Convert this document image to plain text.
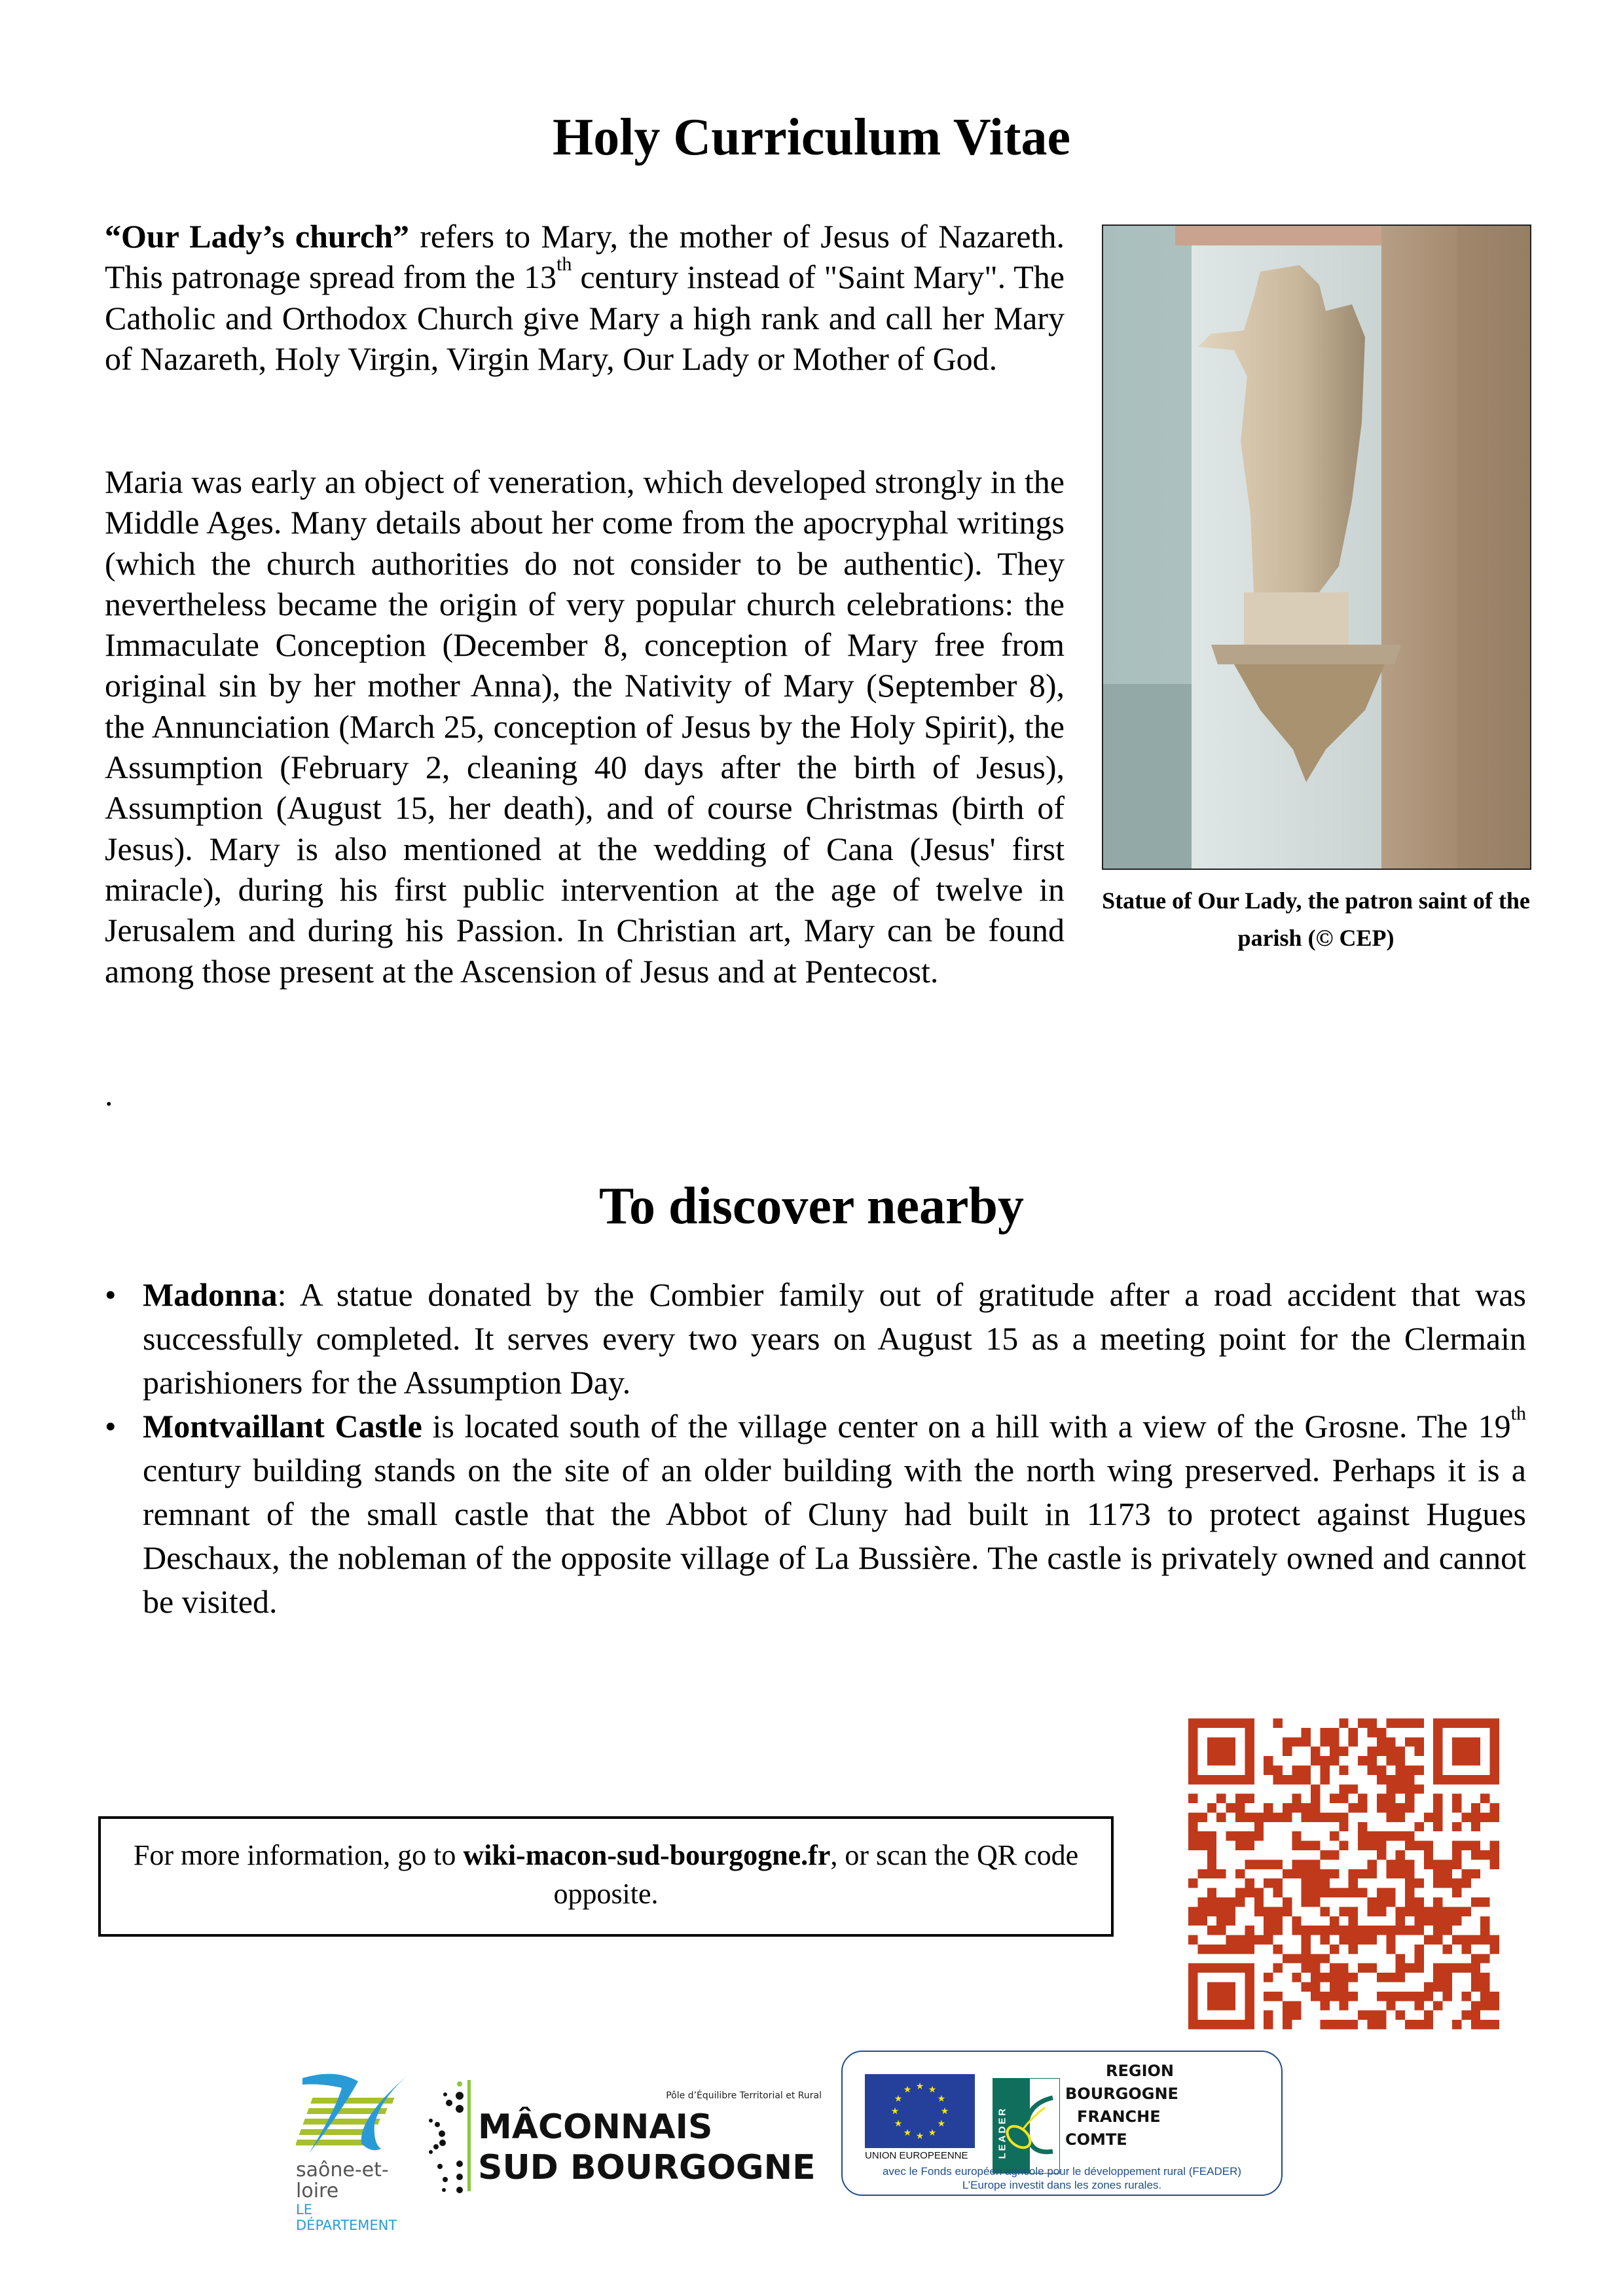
Holy Curriculum Vitae

“Our Lady’s church” refers to Mary, the mother of Jesus of Nazareth. This patronage spread from the 13th century instead of "Saint Mary". The Catholic and Orthodox Church give Mary a high rank and call her Mary of Nazareth, Holy Virgin, Virgin Mary, Our Lady or Mother of God.

Maria was early an object of veneration, which developed strongly in the Middle Ages. Many details about her come from the apocryphal writings (which the church authorities do not consider to be authentic). They nevertheless became the origin of very popular church celebrations: the Immaculate Conception (December 8, conception of Mary free from original sin by her mother Anna), the Nativity of Mary (September 8), the Annunciation (March 25, conception of Jesus by the Holy Spirit), the Assumption (February 2, cleaning 40 days after the birth of Jesus), Assumption (August 15, her death), and of course Christmas (birth of Jesus). Mary is also mentioned at the wedding of Cana (Jesus' first miracle), during his first public intervention at the age of twelve in Jerusalem and during his Passion. In Christian art, Mary can be found among those present at the Ascension of Jesus and at Pentecost.

.

Statue of Our Lady, the patron saint of the parish (© CEP)
To discover nearby
• Madonna: A statue donated by the Combier family out of gratitude after a road accident that was successfully completed. It serves every two years on August 15 as a meeting point for the Clermain parishioners for the Assumption Day.
• Montvaillant Castle is located south of the village center on a hill with a view of the Grosne. The 19th century building stands on the site of an older building with the north wing preserved. Perhaps it is a remnant of the small castle that the Abbot of Cluny had built in 1173 to protect against Hugues Deschaux, the nobleman of the opposite village of La Bussière. The castle is privately owned and cannot be visited.
For more information, go to wiki-macon-sud-bourgogne.fr, or scan the QR code opposite.
saône-et-loire
LE DÉPARTEMENT
Pôle d’Équilibre Territorial et Rural
MÂCONNAIS
SUD BOURGOGNE
★ ★
★
★
★
★
★
★
★
★
★
★
UNION EUROPEENNE	LEADER
REGION
BOURGOGNE
FRANCHE
COMTE
avec le Fonds européen agricole pour le développement rural (FEADER)
L’Europe investit dans les zones rurales.
